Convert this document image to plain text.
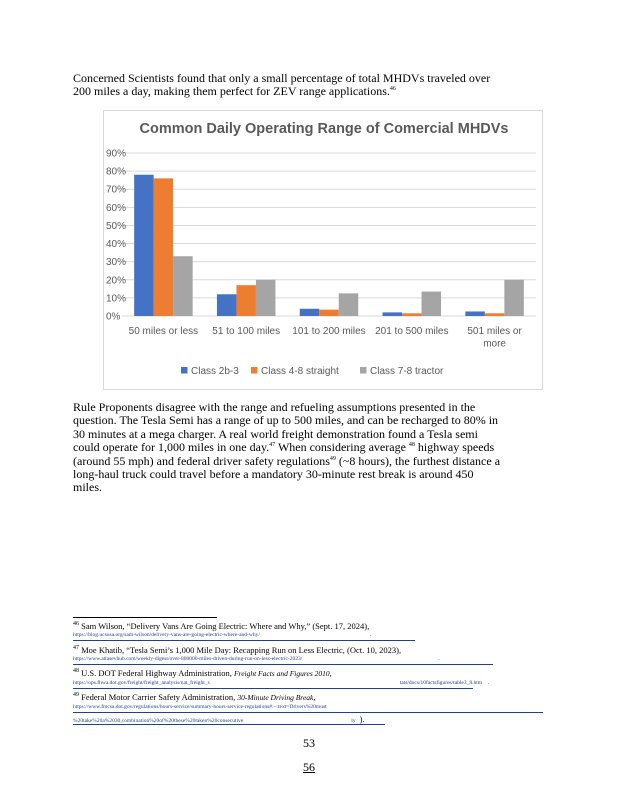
Concerned Scientists found that only a small percentage of total MHDVs traveled over
200 miles a day, making them perfect for ZEV range applications.$^{46}$
Common Daily Operating Range of Comercial MHDVs
0%
10%
20%
30%
40%
50%
60%
70%
80%
90%
50 miles or less 51 to 100 miles 101 to 200 miles 201 to 500 miles 501 miles or
more
Class 2b-3 Class 4-8 straight	Class 7-8 tractor
Rule Proponents disagree with the range and refueling assumptions presented in the
question. The Tesla Semi has a range of up to 500 miles, and can be recharged to 80% in
30 minutes at a mega charger. A real world freight demonstration found a Tesla semi
could operate for 1,000 miles in one day.$^{47}$ When considering average $^{48}$ highway speeds
(around 55 mph) and federal driver safety regulations$^{49}$ (~8 hours), the furthest distance a
long-haul truck could travel before a mandatory 30-minute rest break is around 450
miles.
$^{46}$ Sam Wilson, “Delivery Vans Are Going Electric: Where and Why,” (Sept. 17, 2024),
https://blog.ucsusa.org/sam-wilson/delivery-vans-are-going-electric-where-and-why/	.
$^{47}$ Moe Khatib, “Tesla Semi’s 1,000 Mile Day: Recapping Run on Less Electric, (Oct. 10, 2023),
https://www.atlasevhub.com/weekly-digest/over-800000-miles-driven-during-run-on-less-electric-2023/	.
$^{48}$ U.S. DOT Federal Highway Administration, Freight Facts and Figures 2010,
https://ops.fhwa.dot.gov/freight/freight_analysis/nat_freight_s	tats/docs/10factsfigures/table3_8.htm .
$^{49}$ Federal Motor Carrier Safety Administration, 30-Minute Driving Break,
https://www.fmcsa.dot.gov/regulations/hours-service/summary-hours-service-regulations#:~:text=Drivers%20must
%20take%20a%2030,combination%20of%20these%20taken%20consecutive	ly ).
53
56
